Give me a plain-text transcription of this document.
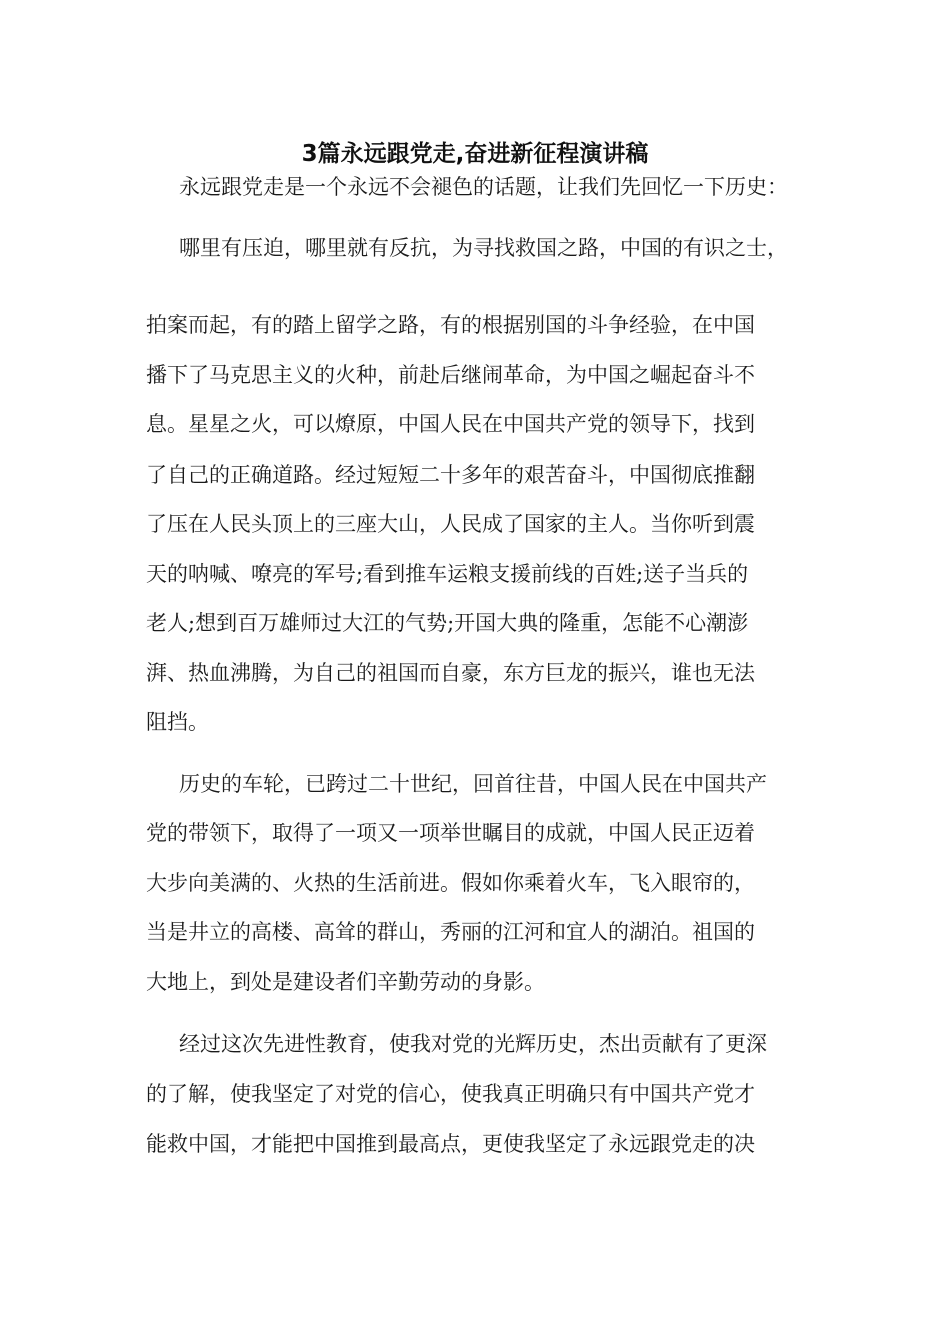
3篇永远跟党走,奋进新征程演讲稿

永远跟党走是一个永远不会褪色的话题，让我们先回忆一下历史：

哪里有压迫，哪里就有反抗，为寻找救国之路，中国的有识之士，

拍案而起，有的踏上留学之路，有的根据别国的斗争经验，在中国

播下了马克思主义的火种，前赴后继闹革命，为中国之崛起奋斗不

息。星星之火，可以燎原，中国人民在中国共产党的领导下，找到

了自己的正确道路。经过短短二十多年的艰苦奋斗，中国彻底推翻

了压在人民头顶上的三座大山，人民成了国家的主人。当你听到震

天的呐喊、嘹亮的军号;看到推车运粮支援前线的百姓;送子当兵的

老人;想到百万雄师过大江的气势;开国大典的隆重，怎能不心潮澎

湃、热血沸腾，为自己的祖国而自豪，东方巨龙的振兴，谁也无法

阻挡。

历史的车轮，已跨过二十世纪，回首往昔，中国人民在中国共产

党的带领下，取得了一项又一项举世瞩目的成就，中国人民正迈着

大步向美满的、火热的生活前进。假如你乘着火车，飞入眼帘的，

当是井立的高楼、高耸的群山，秀丽的江河和宜人的湖泊。祖国的

大地上，到处是建设者们辛勤劳动的身影。

经过这次先进性教育，使我对党的光辉历史，杰出贡献有了更深

的了解，使我坚定了对党的信心，使我真正明确只有中国共产党才

能救中国，才能把中国推到最高点，更使我坚定了永远跟党走的决
